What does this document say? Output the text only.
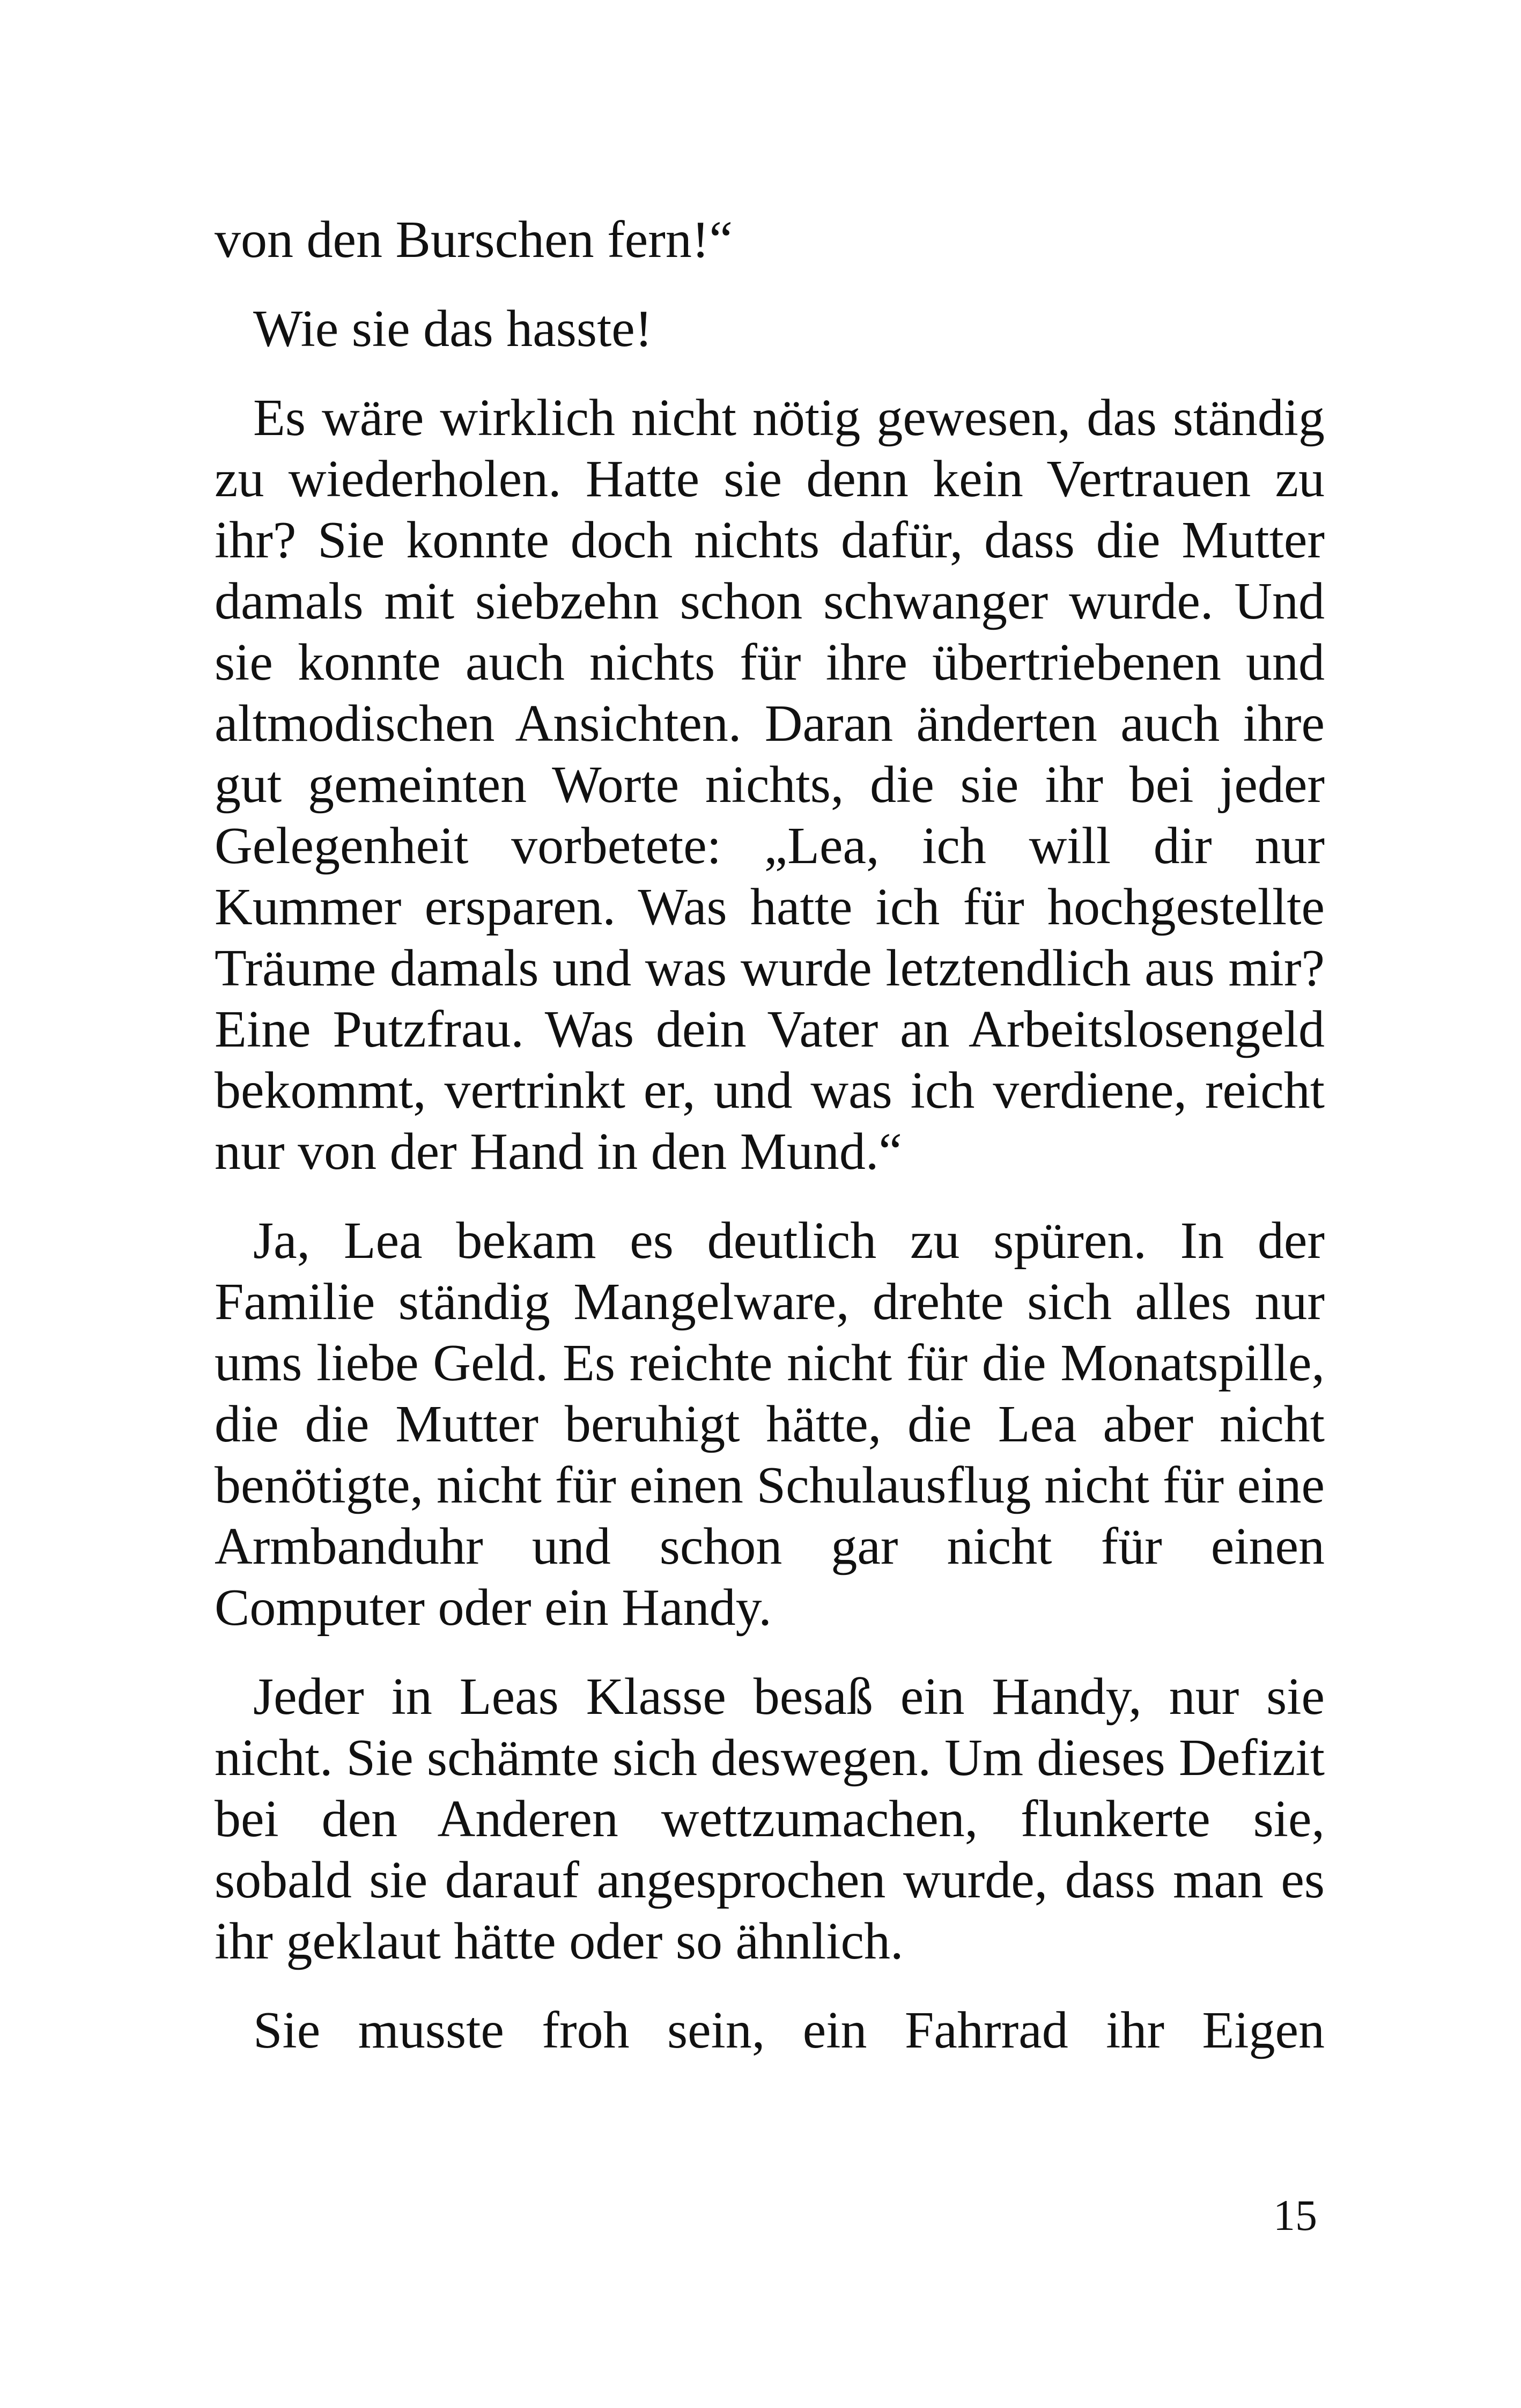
von den Burschen fern!“

Wie sie das hasste!

Es wäre wirklich nicht nötig gewesen, das ständig zu wiederholen. Hatte sie denn kein Vertrauen zu ihr? Sie konnte doch nichts dafür, dass die Mutter damals mit siebzehn schon schwanger wurde. Und sie konnte auch nichts für ihre übertriebenen und altmodischen Ansichten. Daran änderten auch ihre gut gemeinten Worte nichts, die sie ihr bei jeder Gelegenheit vorbetete: „Lea, ich will dir nur Kummer ersparen. Was hatte ich für hochgestellte Träume damals und was wurde letztendlich aus mir? Eine Putzfrau. Was dein Vater an Arbeitslosengeld bekommt, vertrinkt er, und was ich verdiene, reicht nur von der Hand in den Mund.“

Ja, Lea bekam es deutlich zu spüren. In der Familie ständig Mangelware, drehte sich alles nur ums liebe Geld. Es reichte nicht für die Monatspille, die die Mutter beruhigt hätte, die Lea aber nicht benötigte, nicht für einen Schulausflug nicht für eine Armbanduhr und schon gar nicht für einen Computer oder ein Handy.

Jeder in Leas Klasse besaß ein Handy, nur sie nicht. Sie schämte sich deswegen. Um dieses Defizit bei den Anderen wettzumachen, flunkerte sie, sobald sie darauf angesprochen wurde, dass man es ihr geklaut hätte oder so ähnlich.

Sie musste froh sein, ein Fahrrad ihr Eigen

15
